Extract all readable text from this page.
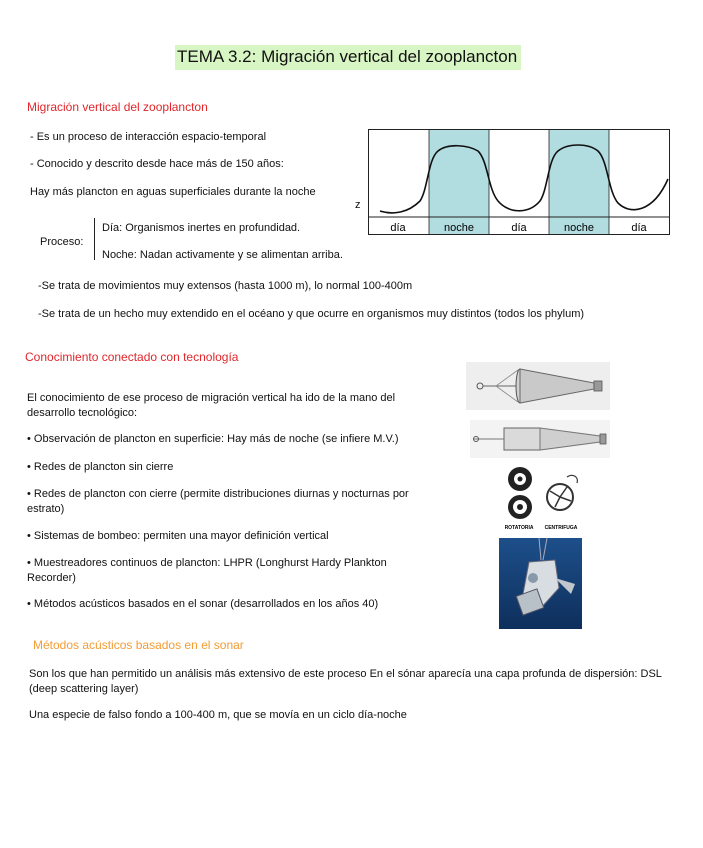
TEMA 3.2: Migración vertical del zooplancton
Migración vertical del zooplancton
- Es un proceso de interacción espacio-temporal
- Conocido y descrito desde hace más de 150 años:
Hay más plancton en aguas superficiales durante la noche
Proceso:
Día: Organismos inertes en profundidad.
Noche: Nadan activamente y se alimentan arriba.
-Se trata de movimientos muy extensos (hasta 1000 m), lo normal 100-400m
-Se trata de un hecho muy extendido en el océano y que ocurre en organismos muy distintos (todos los phylum)
z
día	noche	día	noche	día
Conocimiento conectado con tecnología
El conocimiento de ese proceso de migración vertical ha ido de la mano del desarrollo tecnológico:
• Observación de plancton en superficie: Hay más de noche (se infiere M.V.)
• Redes de plancton sin cierre
• Redes de plancton con cierre (permite distribuciones diurnas y nocturnas por estrato)
• Sistemas de bombeo: permiten una mayor definición vertical
• Muestreadores continuos de plancton: LHPR (Longhurst Hardy Plankton Recorder)
• Métodos acústicos basados en el sonar (desarrollados en los años 40)
ROTATORIA CENTRIFUGA
Métodos acústicos basados en el sonar
Son los que han permitido un análisis más extensivo de este proceso En el sónar aparecía una capa profunda de dispersión: DSL (deep scattering layer)
Una especie de falso fondo a 100-400 m, que se movía en un ciclo día-noche
